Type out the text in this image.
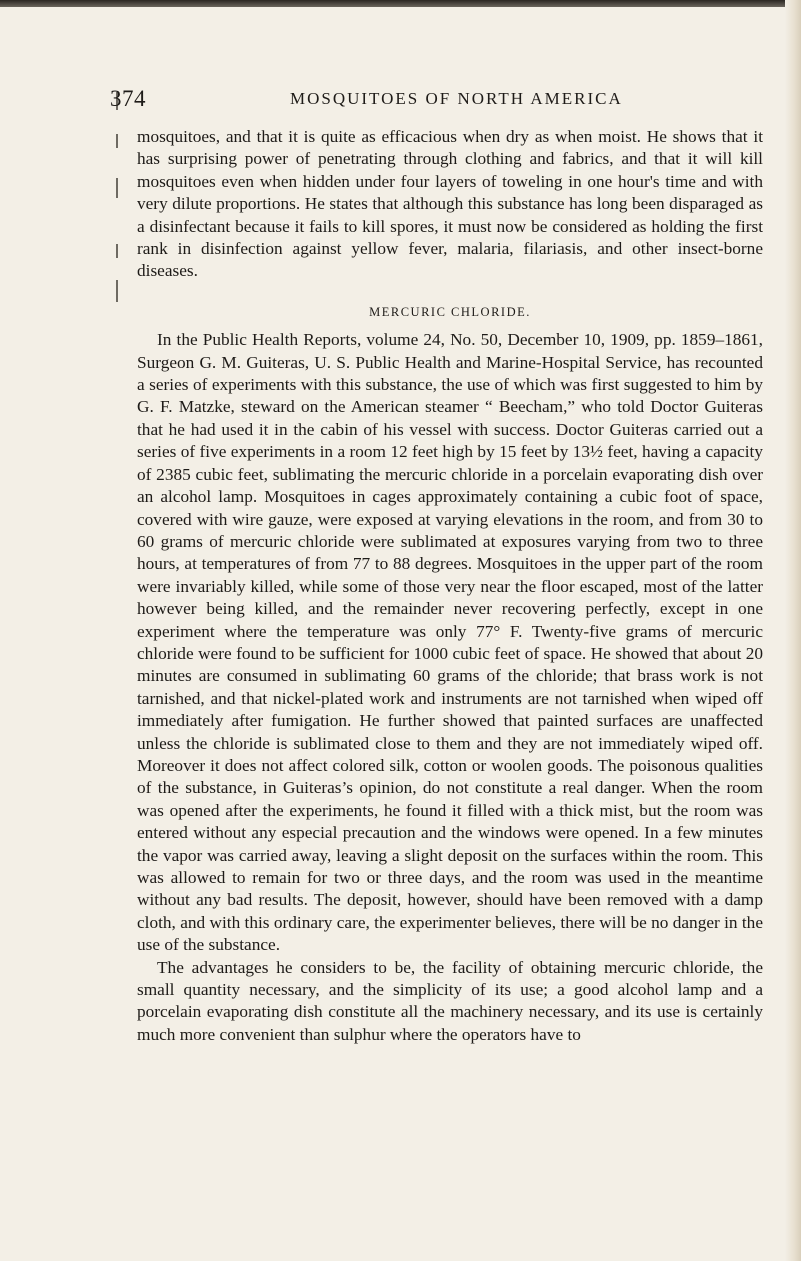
374	MOSQUITOES OF NORTH AMERICA

mosquitoes, and that it is quite as efficacious when dry as when moist. He shows that it has surprising power of penetrating through clothing and fabrics, and that it will kill mosquitoes even when hidden under four layers of toweling in one hour's time and with very dilute proportions. He states that although this substance has long been disparaged as a disinfectant because it fails to kill spores, it must now be considered as holding the first rank in disinfection against yellow fever, malaria, filariasis, and other insect-borne diseases.

MERCURIC CHLORIDE.

In the Public Health Reports, volume 24, No. 50, December 10, 1909, pp. 1859–1861, Surgeon G. M. Guiteras, U. S. Public Health and Marine-Hospital Service, has recounted a series of experiments with this substance, the use of which was first suggested to him by G. F. Matzke, steward on the American steamer “ Beecham,” who told Doctor Guiteras that he had used it in the cabin of his vessel with success. Doctor Guiteras carried out a series of five experiments in a room 12 feet high by 15 feet by 13½ feet, having a capacity of 2385 cubic feet, sublimating the mercuric chloride in a porcelain evaporating dish over an alcohol lamp. Mosquitoes in cages approximately containing a cubic foot of space, covered with wire gauze, were exposed at varying elevations in the room, and from 30 to 60 grams of mercuric chloride were sublimated at exposures varying from two to three hours, at temperatures of from 77 to 88 degrees. Mosquitoes in the upper part of the room were invariably killed, while some of those very near the floor escaped, most of the latter however being killed, and the remainder never recovering perfectly, except in one experiment where the temperature was only 77° F. Twenty-five grams of mercuric chloride were found to be sufficient for 1000 cubic feet of space. He showed that about 20 minutes are consumed in sublimating 60 grams of the chloride; that brass work is not tarnished, and that nickel-plated work and instruments are not tarnished when wiped off immediately after fumigation. He further showed that painted surfaces are unaffected unless the chloride is sublimated close to them and they are not immediately wiped off. Moreover it does not affect colored silk, cotton or woolen goods. The poisonous qualities of the substance, in Guiteras’s opinion, do not constitute a real danger. When the room was opened after the experiments, he found it filled with a thick mist, but the room was entered without any especial precaution and the windows were opened. In a few minutes the vapor was carried away, leaving a slight deposit on the surfaces within the room. This was allowed to remain for two or three days, and the room was used in the meantime without any bad results. The deposit, however, should have been removed with a damp cloth, and with this ordinary care, the experimenter believes, there will be no danger in the use of the substance.

The advantages he considers to be, the facility of obtaining mercuric chloride, the small quantity necessary, and the simplicity of its use; a good alcohol lamp and a porcelain evaporating dish constitute all the machinery necessary, and its use is certainly much more convenient than sulphur where the operators have to
